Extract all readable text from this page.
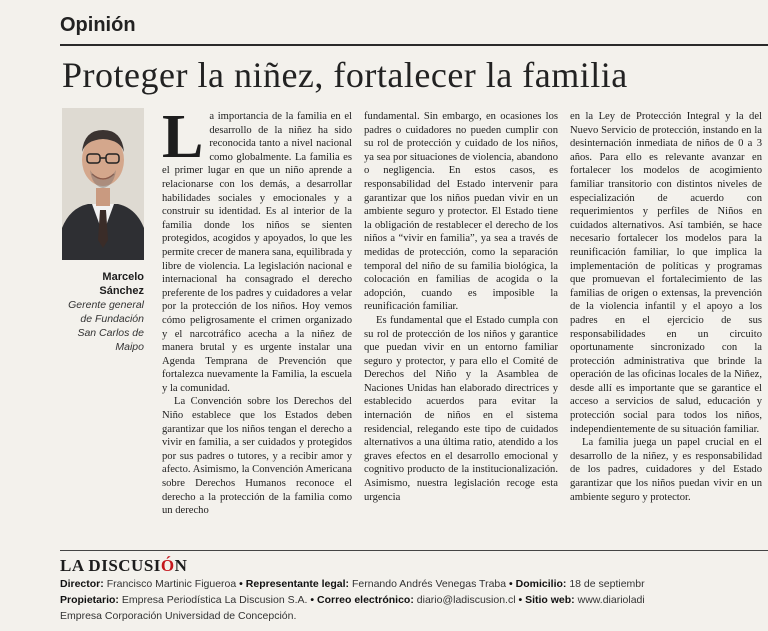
Opinión
Proteger la niñez, fortalecer la familia
Marcelo Sánchez
Gerente general de Fundación San Carlos de Maipo

La importancia de la familia en el desarrollo de la niñez ha sido reconocida tanto a nivel nacional como globalmente. La familia es el primer lugar en que un niño aprende a relacionarse con los demás, a desarrollar habilidades sociales y emocionales y a construir su identidad. Es al interior de la familia donde los niños se sienten protegidos, acogidos y apoyados, lo que les permite crecer de manera sana, equilibrada y libre de violencia. La legislación nacional e internacional ha consagrado el derecho preferente de los padres y cuidadores a velar por la protección de los niños. Hoy vemos cómo peligrosamente el crimen organizado y el narcotráfico acecha a la niñez de manera brutal y es urgente instalar una Agenda Temprana de Prevención que fortalezca nuevamente la Familia, la escuela y la comunidad.

La Convención sobre los Derechos del Niño establece que los Estados deben garantizar que los niños tengan el derecho a vivir en familia, a ser cuidados y protegidos por sus padres o tutores, y a recibir amor y afecto. Asimismo, la Convención Americana sobre Derechos Humanos reconoce el derecho a la protección de la familia como un derecho

fundamental. Sin embargo, en ocasiones los padres o cuidadores no pueden cumplir con su rol de protección y cuidado de los niños, ya sea por situaciones de violencia, abandono o negligencia. En estos casos, es responsabilidad del Estado intervenir para garantizar que los niños puedan vivir en un ambiente seguro y protector. El Estado tiene la obligación de restablecer el derecho de los niños a “vivir en familia”, ya sea a través de medidas de protección, como la separación temporal del niño de su familia biológica, la colocación en familias de acogida o la adopción, cuando es imposible la reunificación familiar.

Es fundamental que el Estado cumpla con su rol de protección de los niños y garantice que puedan vivir en un entorno familiar seguro y protector, y para ello el Comité de Derechos del Niño y la Asamblea de Naciones Unidas han elaborado directrices y establecido acuerdos para evitar la internación de niños en el sistema residencial, relegando este tipo de cuidados alternativos a una última ratio, atendido a los graves efectos en el desarrollo emocional y cognitivo producto de la institucionalización. Asimismo, nuestra legislación recoge esta urgencia

en la Ley de Protección Integral y la del Nuevo Servicio de protección, instando en la desinternación inmediata de niños de 0 a 3 años. Para ello es relevante avanzar en fortalecer los modelos de acogimiento familiar transitorio con distintos niveles de especialización de acuerdo con requerimientos y perfiles de Niños en cuidados alternativos. Así también, se hace necesario fortalecer los modelos para la reunificación familiar, lo que implica la implementación de políticas y programas que promuevan el fortalecimiento de las familias de origen o extensas, la prevención de la violencia infantil y el apoyo a los padres en el ejercicio de sus responsabilidades en un circuito oportunamente sincronizado con la protección administrativa que brinde la operación de las oficinas locales de la Niñez, desde allí es importante que se garantice el acceso a servicios de salud, educación y protección social para todos los niños, independientemente de su situación familiar.

La familia juega un papel crucial en el desarrollo de la niñez, y es responsabilidad de los padres, cuidadores y del Estado garantizar que los niños puedan vivir en un ambiente seguro y protector.

LA DISCUSIÓN
Director: Francisco Martinic Figueroa • Representante legal: Fernando Andrés Venegas Traba • Domicilio: 18 de septiembr
Propietario: Empresa Periodística La Discusion S.A. • Correo electrónico: diario@ladiscusion.cl • Sitio web: www.diarioladi
Empresa Corporación Universidad de Concepción.
